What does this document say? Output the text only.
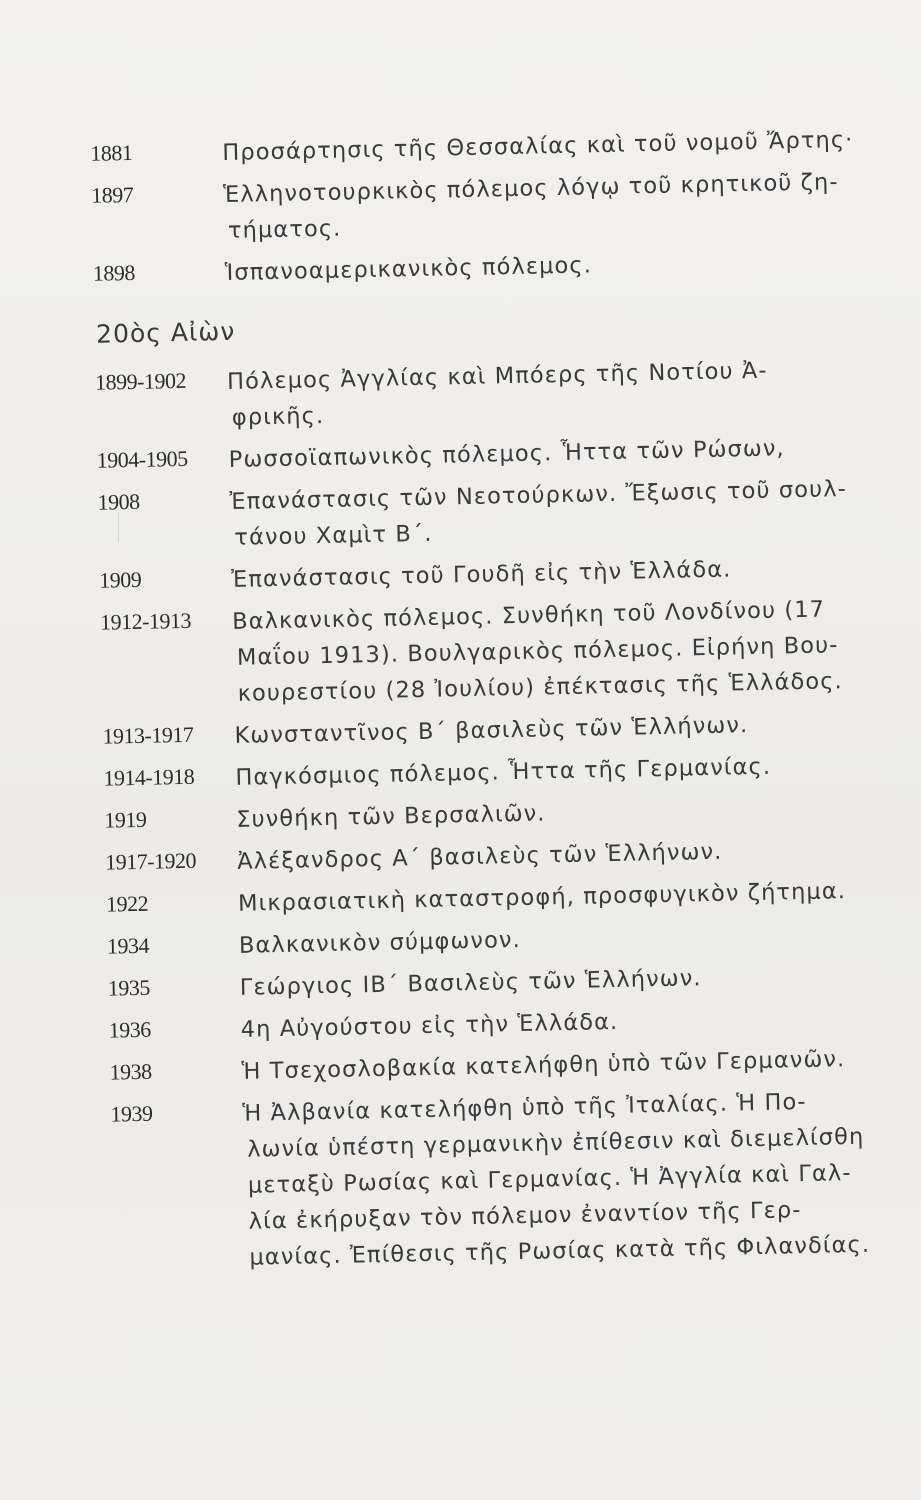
1881	Προσάρτησις τῆς Θεσσαλίας καὶ τοῦ νομοῦ Ἄρτης·
1897	Ἑλληνοτουρκικὸς πόλεμος λόγῳ τοῦ κρητικοῦ ζη-
τήματος.
1898	Ἱσπανοαμερικανικὸς πόλεμος.
20ὸς Αἰὼν
1899-1902	Πόλεμος Ἀγγλίας καὶ Μπόερς τῆς Νοτίου Ἀ-
φρικῆς.
1904-1905	Ρωσσοϊαπωνικὸς πόλεμος. Ἧττα τῶν Ρώσων,
1908	Ἐπανάστασις τῶν Νεοτούρκων. Ἔξωσις τοῦ σουλ-
τάνου Χαμὶτ Β΄.
1909	Ἐπανάστασις τοῦ Γουδῆ εἰς τὴν Ἑλλάδα.
1912-1913	Βαλκανικὸς πόλεμος. Συνθήκη τοῦ Λονδίνου (17
Μαΐου 1913). Βουλγαρικὸς πόλεμος. Εἰρήνη Βου-
κουρεστίου (28 Ἰουλίου) ἐπέκτασις τῆς Ἑλλάδος.
1913-1917	Κωνσταντῖνος Β΄ βασιλεὺς τῶν Ἑλλήνων.
1914-1918	Παγκόσμιος πόλεμος. Ἧττα τῆς Γερμανίας.
1919	Συνθήκη τῶν Βερσαλιῶν.
1917-1920	Ἀλέξανδρος Α΄ βασιλεὺς τῶν Ἑλλήνων.
1922	Μικρασιατικὴ καταστροφή, προσφυγικὸν ζήτημα.
1934	Βαλκανικὸν σύμφωνον.
1935	Γεώργιος ΙΒ΄ Βασιλεὺς τῶν Ἑλλήνων.
1936	4η Αὐγούστου εἰς τὴν Ἑλλάδα.
1938	Ἡ Τσεχοσλοβακία κατελήφθη ὑπὸ τῶν Γερμανῶν.
1939	Ἡ Ἀλβανία κατελήφθη ὑπὸ τῆς Ἰταλίας. Ἡ Πο-
λωνία ὑπέστη γερμανικὴν ἐπίθεσιν καὶ διεμελίσθη
μεταξὺ Ρωσίας καὶ Γερμανίας. Ἡ Ἀγγλία καὶ Γαλ-
λία ἐκήρυξαν τὸν πόλεμον ἐναντίον τῆς Γερ-
μανίας. Ἐπίθεσις τῆς Ρωσίας κατὰ τῆς Φιλανδίας.
